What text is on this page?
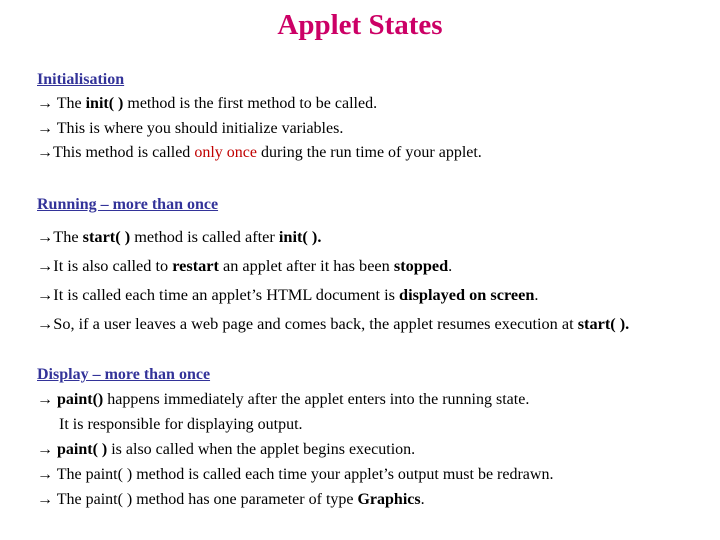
Applet States
Initialisation
→ The init( ) method is the first method to be called.
→ This is where you should initialize variables.
→This method is called only once during the run time of your applet.
Running – more than once
→The start( ) method is called after init( ).
→It is also called to restart an applet after it has been stopped.
→It is called each time an applet’s HTML document is displayed on screen.
→So, if a user leaves a web page and comes back, the applet resumes execution at start( ).
Display – more than once
→ paint() happens immediately after the applet enters into the running state.
It is responsible for displaying output.
→ paint( ) is also called when the applet begins execution.
→ The paint( ) method is called each time your applet’s output must be redrawn.
→ The paint( ) method has one parameter of type Graphics.
